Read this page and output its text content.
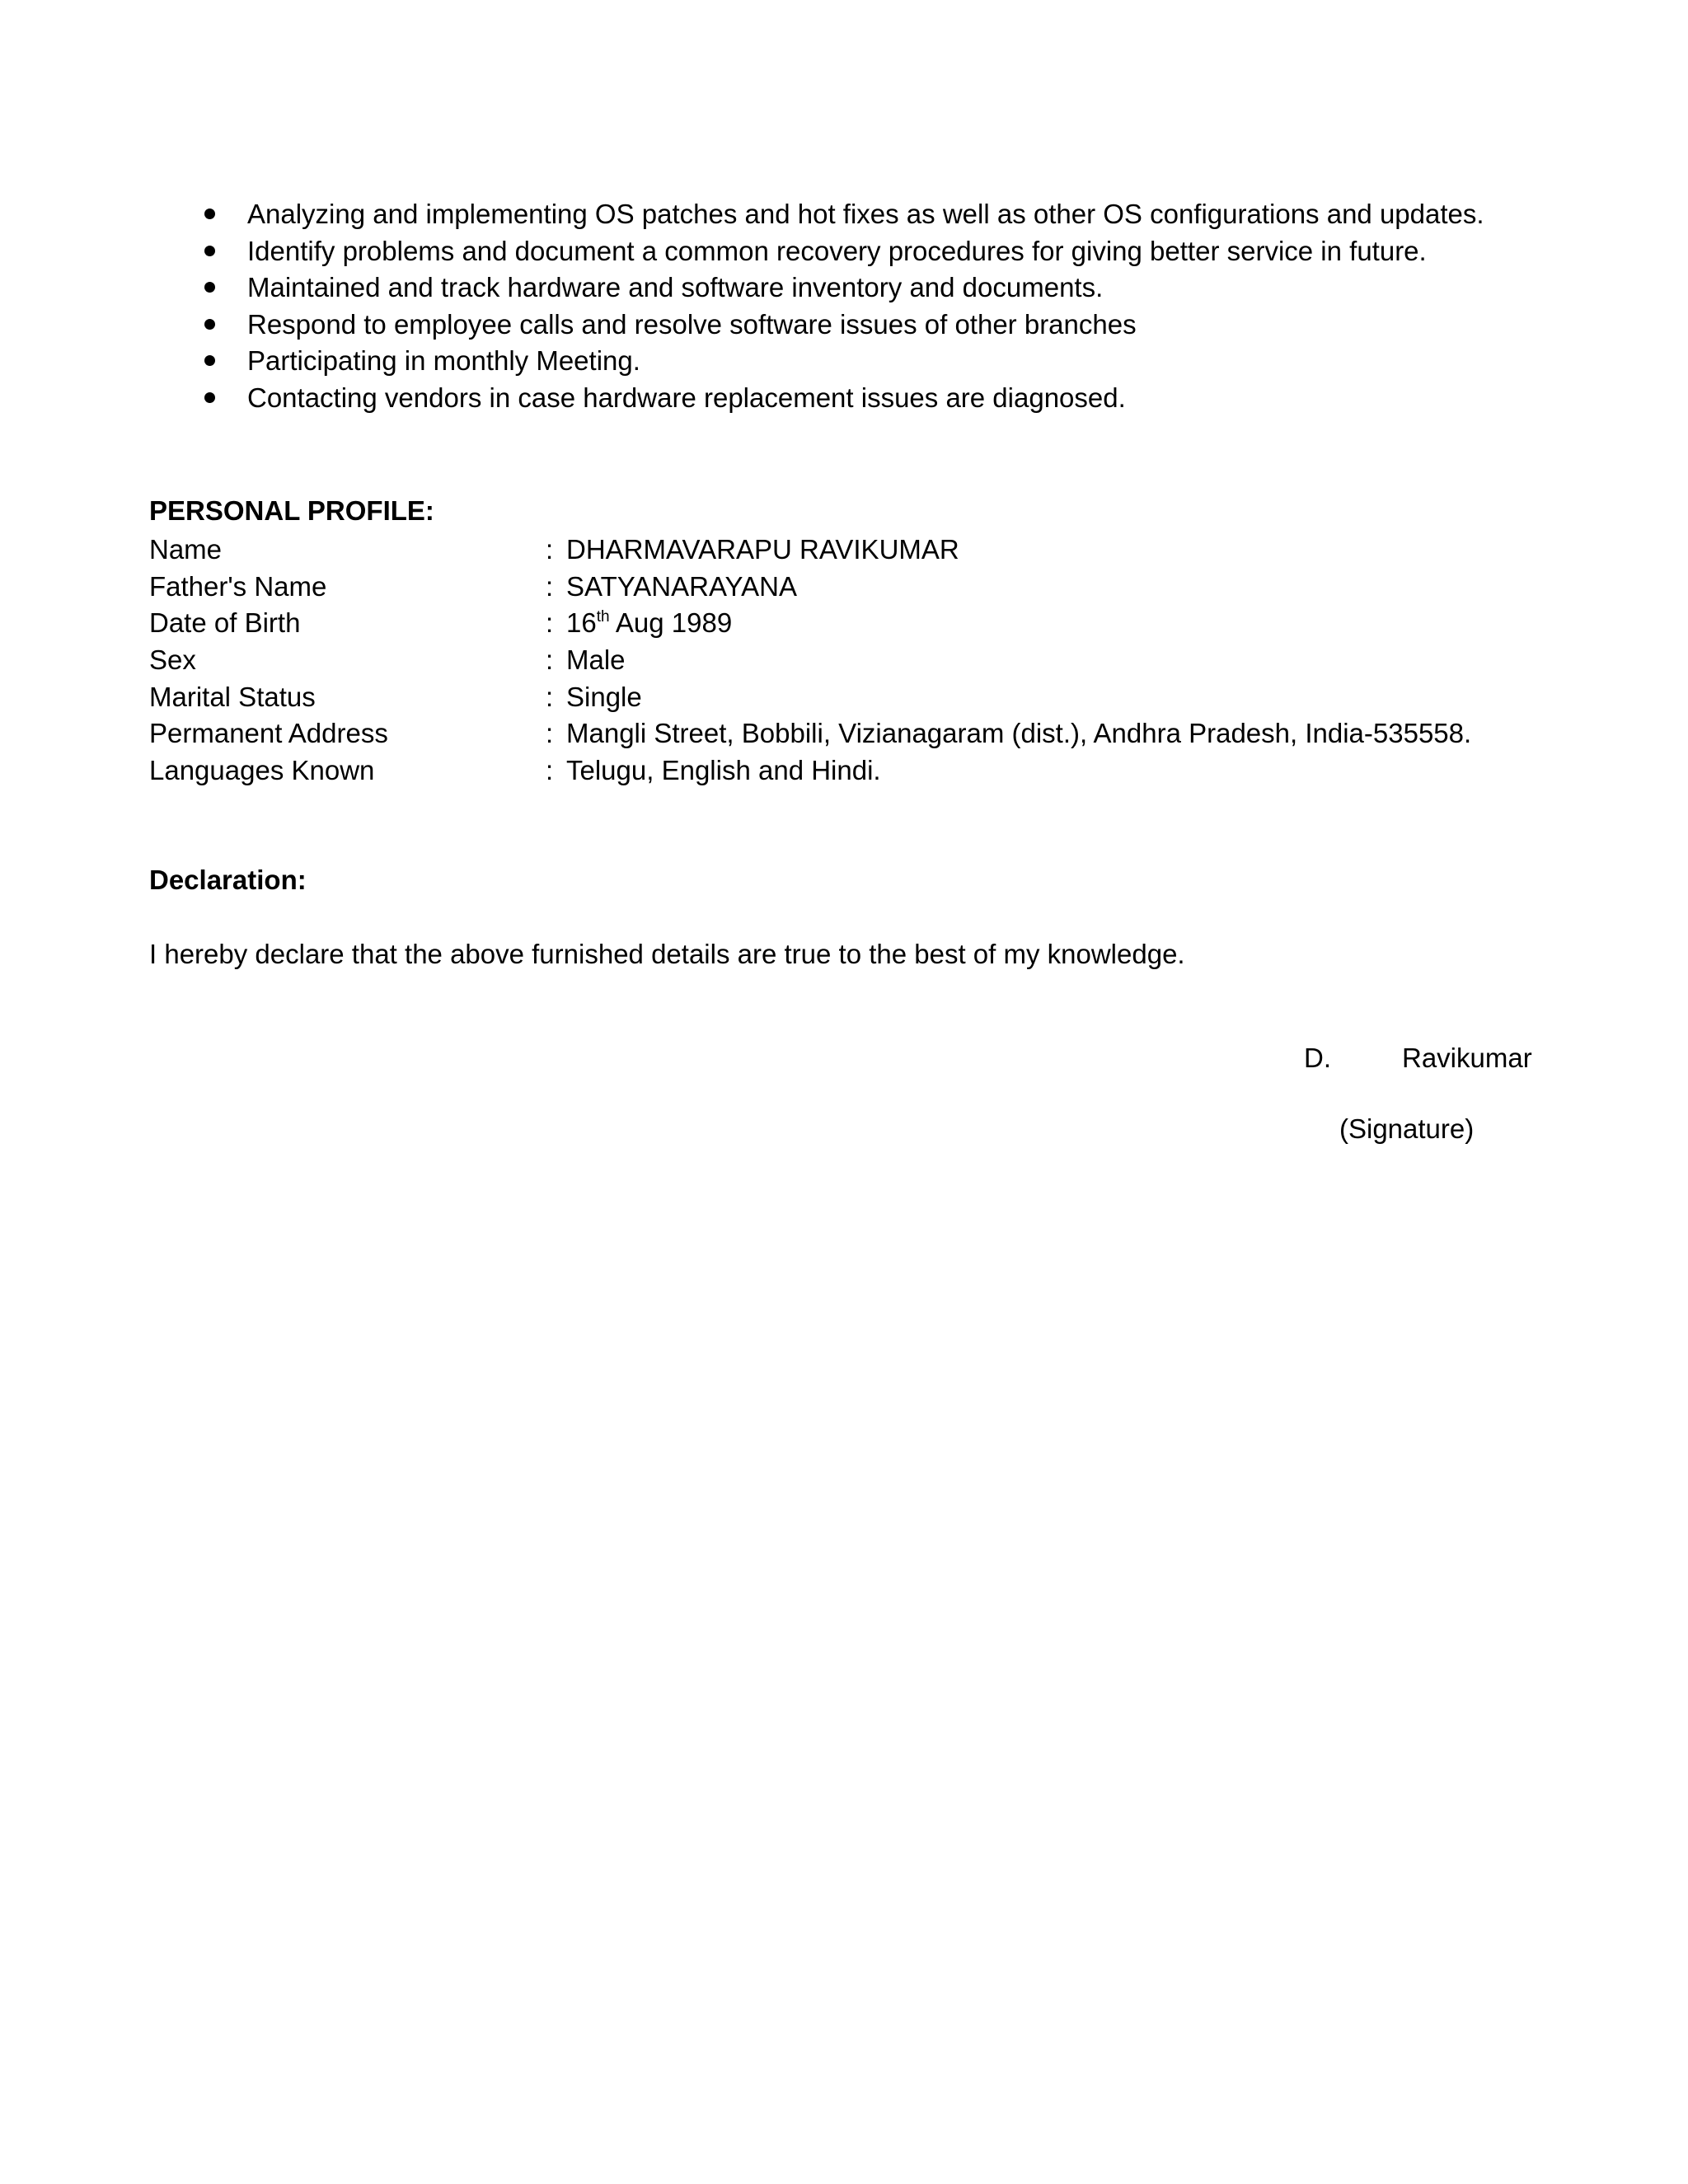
Analyzing and implementing OS patches and hot fixes as well as other OS configurations and updates.
Identify problems and document a common recovery procedures for giving better service in future.
Maintained and track hardware and software inventory and documents.
Respond to employee calls and resolve software issues of other branches
Participating in monthly Meeting.
Contacting vendors in case hardware replacement issues are diagnosed.
PERSONAL PROFILE:
Name	: DHARMAVARAPU RAVIKUMAR
Father's Name	: SATYANARAYANA
Date of Birth	: 16th Aug 1989
Sex	: Male
Marital Status	: Single
Permanent Address	: Mangli Street, Bobbili, Vizianagaram (dist.), Andhra Pradesh, India-535558.
Languages Known	: Telugu, English and Hindi.
Declaration:
I hereby declare that the above furnished details are true to the best of my knowledge.
D.	Ravikumar
(Signature)
